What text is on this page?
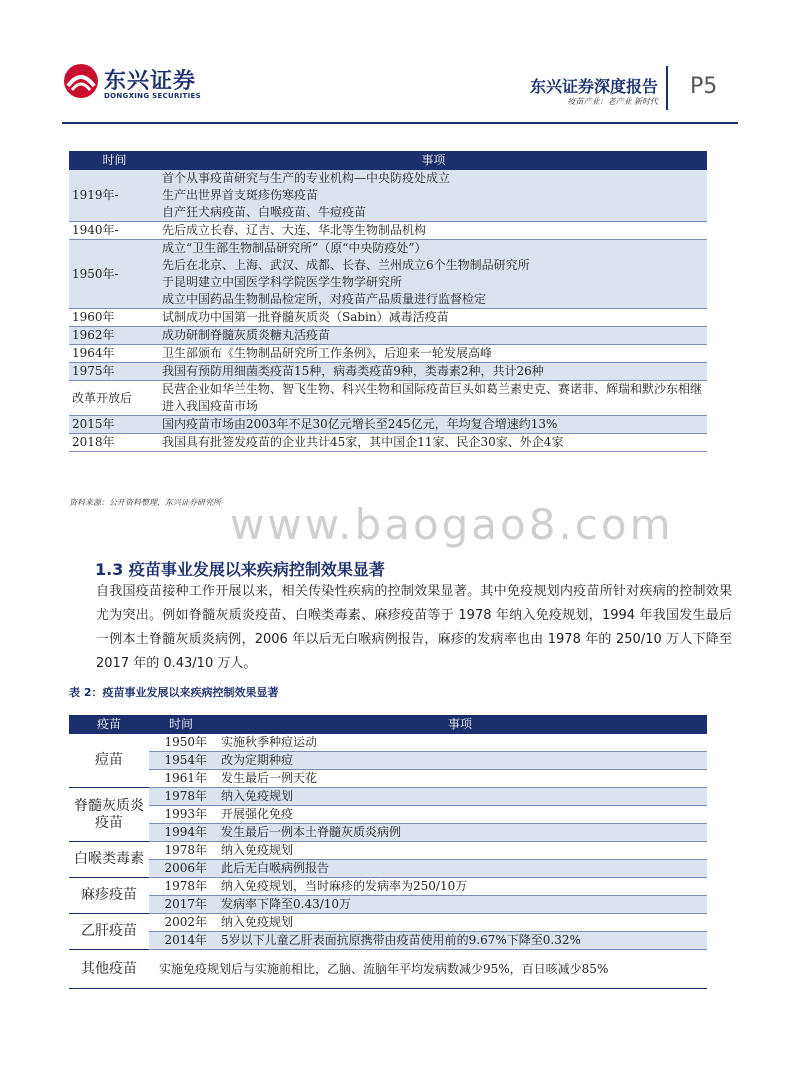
东兴证券
DONGXING SECURITIES	东兴证券深度报告
疫苗产业：老产业 新时代
P5
时间	事项
1919年-	首个从事疫苗研究与生产的专业机构—中央防疫处成立
生产出世界首支斑疹伤寒疫苗
自产狂犬病疫苗、白喉疫苗、牛痘疫苗

1940年-	先后成立长春、辽吉、大连、华北等生物制品机构

1950年-	成立“卫生部生物制品研究所”（原“中央防疫处”）
先后在北京、上海、武汉、成都、长春、兰州成立6个生物制品研究所
于昆明建立中国医学科学院医学生物学研究所
成立中国药品生物制品检定所，对疫苗产品质量进行监督检定

1960年	试制成功中国第一批脊髓灰质炎（Sabin）减毒活疫苗

1962年	成功研制脊髓灰质炎糖丸活疫苗

1964年	卫生部颁布《生物制品研究所工作条例》，后迎来一轮发展高峰

1975年	我国有预防用细菌类疫苗15种，病毒类疫苗9种，类毒素2种，共计26种

改革开放后	民营企业如华兰生物、智飞生物、科兴生物和国际疫苗巨头如葛兰素史克、赛诺菲、辉瑞和默沙东相继进入我国疫苗市场

2015年	国内疫苗市场由2003年不足30亿元增长至245亿元，年均复合增速约13%

2018年	我国具有批签发疫苗的企业共计45家，其中国企11家、民企30家、外企4家
资料来源：公开资料整理，东兴证券研究所 www.baogao8.com
1.3 疫苗事业发展以来疾病控制效果显著
自我国疫苗接种工作开展以来，相关传染性疾病的控制效果显著。其中免疫规划内疫苗所针对疾病的控制效果尤为突出。例如脊髓灰质炎疫苗、白喉类毒素、麻疹疫苗等于 1978 年纳入免疫规划，1994 年我国发生最后一例本土脊髓灰质炎病例，2006 年以后无白喉病例报告，麻疹的发病率也由 1978 年的 250/10 万人下降至 2017 年的 0.43/10 万人。
表 2：疫苗事业发展以来疾病控制效果显著
疫苗	时间	事项
痘苗	1950年	实施秋季种痘运动
	1954年	改为定期种痘
	1961年	发生最后一例天花
脊髓灰质炎疫苗	1978年	纳入免疫规划
	1993年	开展强化免疫
	1994年	发生最后一例本土脊髓灰质炎病例
白喉类毒素	1978年	纳入免疫规划
	2006年	此后无白喉病例报告
麻疹疫苗	1978年	纳入免疫规划，当时麻疹的发病率为250/10万
	2017年	发病率下降至0.43/10万
乙肝疫苗	2002年	纳入免疫规划
	2014年	5岁以下儿童乙肝表面抗原携带由疫苗使用前的9.67%下降至0.32%
其他疫苗	实施免疫规划后与实施前相比，乙脑、流脑年平均发病数减少95%，百日咳减少85%	
